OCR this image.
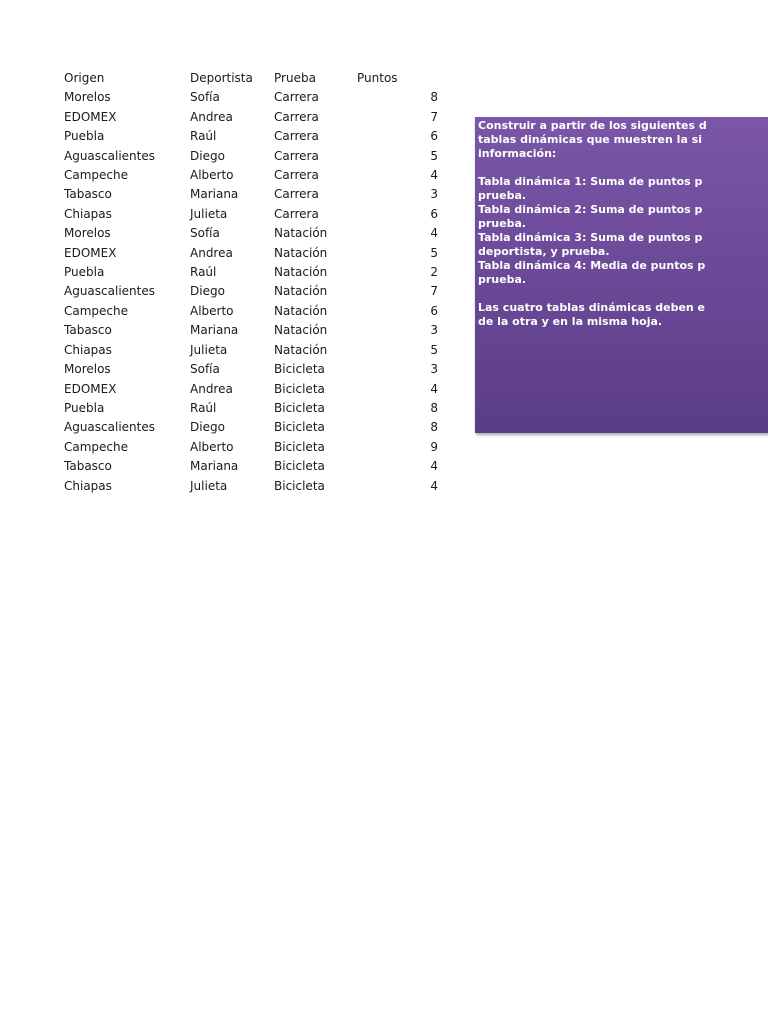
Origen	Deportista	Prueba	Puntos
Morelos	Sofía	Carrera	8
EDOMEX	Andrea	Carrera	7
Puebla	Raúl	Carrera	6
Aguascalientes	Diego	Carrera	5
Campeche	Alberto	Carrera	4
Tabasco	Mariana	Carrera	3
Chiapas	Julieta	Carrera	6
Morelos	Sofía	Natación	4
EDOMEX	Andrea	Natación	5
Puebla	Raúl	Natación	2
Aguascalientes	Diego	Natación	7
Campeche	Alberto	Natación	6
Tabasco	Mariana	Natación	3
Chiapas	Julieta	Natación	5
Morelos	Sofía	Bicicleta	3
EDOMEX	Andrea	Bicicleta	4
Puebla	Raúl	Bicicleta	8
Aguascalientes	Diego	Bicicleta	8
Campeche	Alberto	Bicicleta	9
Tabasco	Mariana	Bicicleta	4
Chiapas	Julieta	Bicicleta	4

Construir a partir de los siguientes d
tablas dinámicas que muestren la si
información:

Tabla dinámica 1: Suma de puntos p
prueba.

Tabla dinámica 2: Suma de puntos p
prueba.

Tabla dinámica 3: Suma de puntos p
deportista, y prueba.

Tabla dinámica 4: Media de puntos p
prueba.

Las cuatro tablas dinámicas deben e
de la otra y en la misma hoja.
